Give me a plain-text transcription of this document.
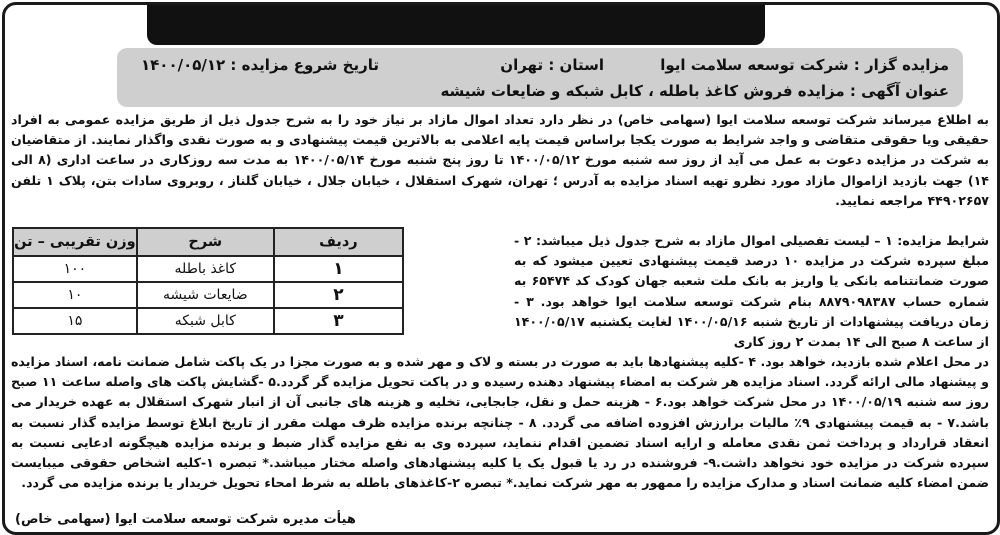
مزایده گزار : شرکت توسعه سلامت ایوا
استان : تهران
تاریخ شروع مزایده : ۱۴۰۰/۰۵/۱۲
عنوان آگهی : مزایده فروش کاغذ باطله ، کابل شبکه و ضایعات شیشه

به اطلاع میرساند شرکت توسعه سلامت ایوا (سهامی خاص) در نظر دارد تعداد اموال مازاد بر نیاز خود را به شرح جدول ذیل از طریق مزایده عمومی به افراد حقیقی ویا حقوقی متقاضی و واجد شرایط به صورت یکجا براساس قیمت پایه اعلامی به بالاترین قیمت پیشنهادی و به صورت نقدی واگذار نمایند. از متقاضیان به شرکت در مزایده دعوت به عمل می آید از روز سه شنبه مورخ ۱۴۰۰/۰۵/۱۲ تا روز پنج شنبه مورخ ۱۴۰۰/۰۵/۱۴ به مدت سه روزکاری در ساعت اداری (۸ الی ۱۴) جهت بازدید ازاموال مازاد مورد نظرو تهیه اسناد مزایده به آدرس ؛ تهران، شهرک استقلال ، خیابان جلال ، خیابان گلناز ، روبروی سادات بتن، پلاک ۱ تلفن ۴۴۹۰۲۶۵۷ مراجعه نمایید.

ردیف	شرح	وزن تقریبی – تن
۱	کاغذ باطله	۱۰۰
۲	ضایعات شیشه	۱۰
۳	کابل شبکه	۱۵

شرایط مزایده: ۱ – لیست تفصیلی اموال مازاد به شرح جدول ذیل میباشد: ۲ - مبلغ سپرده شرکت در مزایده ۱۰ درصد قیمت پیشنهادی تعیین میشود که به صورت ضمانتنامه بانکی یا واریز به بانک ملت شعبه جهان کودک کد ۶۵۴۷۴ به شماره حساب ۸۸۷۹۰۹۸۳۸۷ بنام شرکت توسعه سلامت ایوا خواهد بود. ۳ - زمان دریافت پیشنهادات از تاریخ شنبه ۱۴۰۰/۰۵/۱۶ لغایت یکشنبه ۱۴۰۰/۰۵/۱۷ از ساعت ۸ صبح الی ۱۴ بمدت ۲ روز کاری

در محل اعلام شده بازدید، خواهد بود. ۴ -کلیه پیشنهادها باید به صورت در بسته و لاک و مهر شده و به صورت مجزا در یک پاکت شامل ضمانت نامه، اسناد مزایده و پیشنهاد مالی ارائه گردد. اسناد مزایده هر شرکت به امضاء پیشنهاد دهنده رسیده و در پاکت تحویل مزایده گر گردد.۵ -گشایش پاکت های واصله ساعت ۱۱ صبح روز سه شنبه ۱۴۰۰/۰۵/۱۹ در محل شرکت خواهد بود.۶ - هزینه حمل و نقل، جابجایی، تخلیه و هزینه های جانبی آن از انبار شهرک استقلال به عهده خریدار می باشد.۷ - به قیمت پیشنهادی ۹٪ مالیات برارزش افزوده اضافه می گردد. ۸ - چنانچه برنده مزایده ظرف مهلت مقرر از تاریخ ابلاغ توسط مزایده گذار نسبت به انعقاد قرارداد و پرداخت ثمن نقدی معامله و ارایه اسناد تضمین اقدام ننماید، سپرده وی به نفع مزایده گذار ضبط و برنده مزایده هیچگونه ادعایی نسبت به سپرده شرکت در مزایده خود نخواهد داشت.۹- فروشنده در رد یا قبول یک یا کلیه پیشنهادهای واصله مختار میباشد.* تبصره ۱-کلیه اشخاص حقوقی میبایست ضمن امضاء کلیه ضمانت اسناد و مدارک مزایده را ممهور به مهر شرکت نماید.* تبصره ۲-کاغذهای باطله به شرط امحاء تحویل خریدار یا برنده مزایده می گردد.

هیأت مدیره شرکت توسعه سلامت ایوا (سهامی خاص)
